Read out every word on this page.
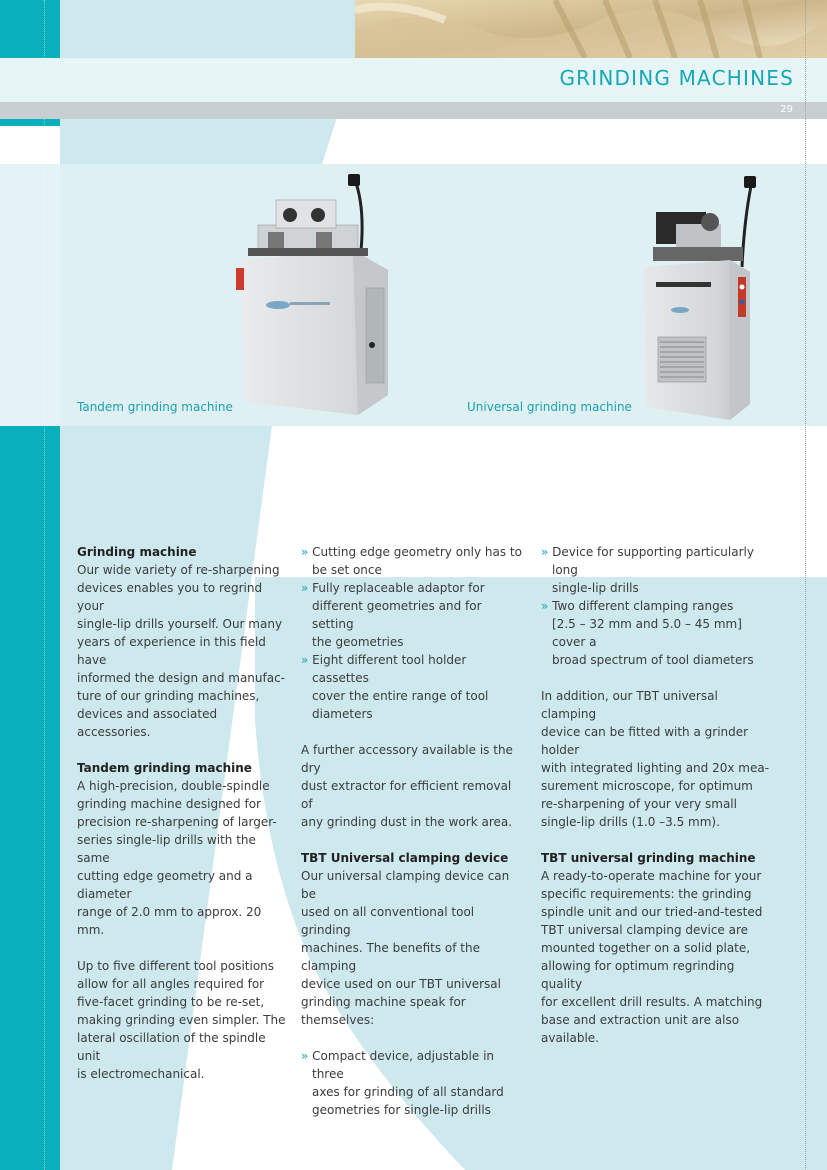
GRINDING MACHINES
29
Tandem grinding machine	Universal grinding machine

Grinding machine

Our wide variety of re-sharpening
devices enables you to regrind your
single-lip drills yourself. Our many
years of experience in this field have
informed the design and manufac-
ture of our grinding machines,
devices and associated accessories.

Tandem grinding machine

A high-precision, double-spindle
grinding machine designed for
precision re-sharpening of larger-
series single-lip drills with the same
cutting edge geometry and a diameter
range of 2.0 mm to approx. 20 mm.

Up to five different tool positions
allow for all angles required for
five-facet grinding to be re-set,
making grinding even simpler. The
lateral oscillation of the spindle unit
is electromechanical.

» Cutting edge geometry only has to
be set once

» Fully replaceable adaptor for
different geometries and for setting
the geometries

» Eight different tool holder cassettes
cover the entire range of tool
diameters

A further accessory available is the dry
dust extractor for efficient removal of
any grinding dust in the work area.

TBT Universal clamping device

Our universal clamping device can be
used on all conventional tool grinding
machines. The benefits of the clamping
device used on our TBT universal
grinding machine speak for themselves:

» Compact device, adjustable in three
axes for grinding of all standard
geometries for single-lip drills

» Device for supporting particularly long
single-lip drills

» Two different clamping ranges
[2.5 – 32 mm and 5.0 – 45 mm] cover a
broad spectrum of tool diameters

In addition, our TBT universal clamping
device can be fitted with a grinder holder
with integrated lighting and 20x mea-
surement microscope, for optimum
re-sharpening of your very small
single-lip drills (1.0 –3.5 mm).

TBT universal grinding machine

A ready-to-operate machine for your
specific requirements: the grinding
spindle unit and our tried-and-tested
TBT universal clamping device are
mounted together on a solid plate,
allowing for optimum regrinding quality
for excellent drill results. A matching
base and extraction unit are also
available.
